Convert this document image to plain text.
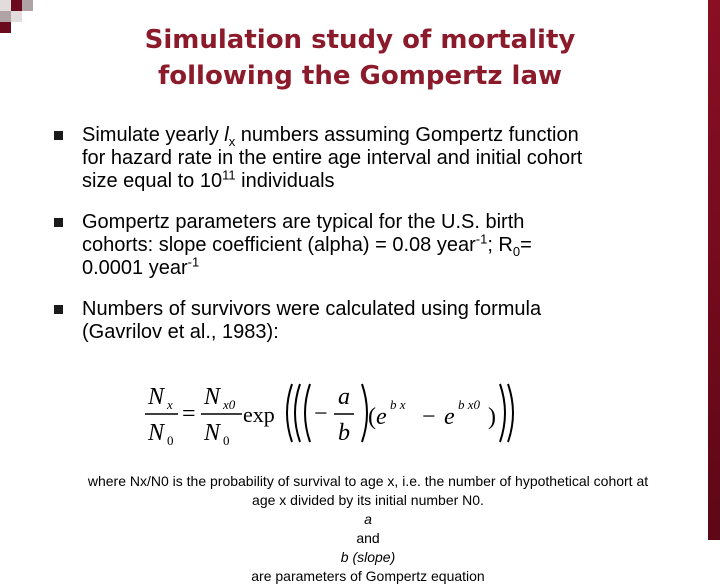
Simulation study of mortality
following the Gompertz law
Simulate yearly $l_x$ numbers assuming Gompertz function
for hazard rate in the entire age interval and initial cohort
size equal to $10^{11}$ individuals
Gompertz parameters are typical for the U.S. birth
cohorts: slope coefficient (alpha) = 0.08 year$^{-1}$; $R_0=$
0.0001 year$^{-1}$
Numbers of survivors were calculated using formula
(Gavrilov et al., 1983):
N x
N 0
=
N x0
N 0
exp −
a
b
( e b x − e b x0 )
where Nx/N0 is the probability of survival to age x, i.e. the number of hypothetical cohort at
age x divided by its initial number N0.
a
and
b (slope)
are parameters of Gompertz equation
